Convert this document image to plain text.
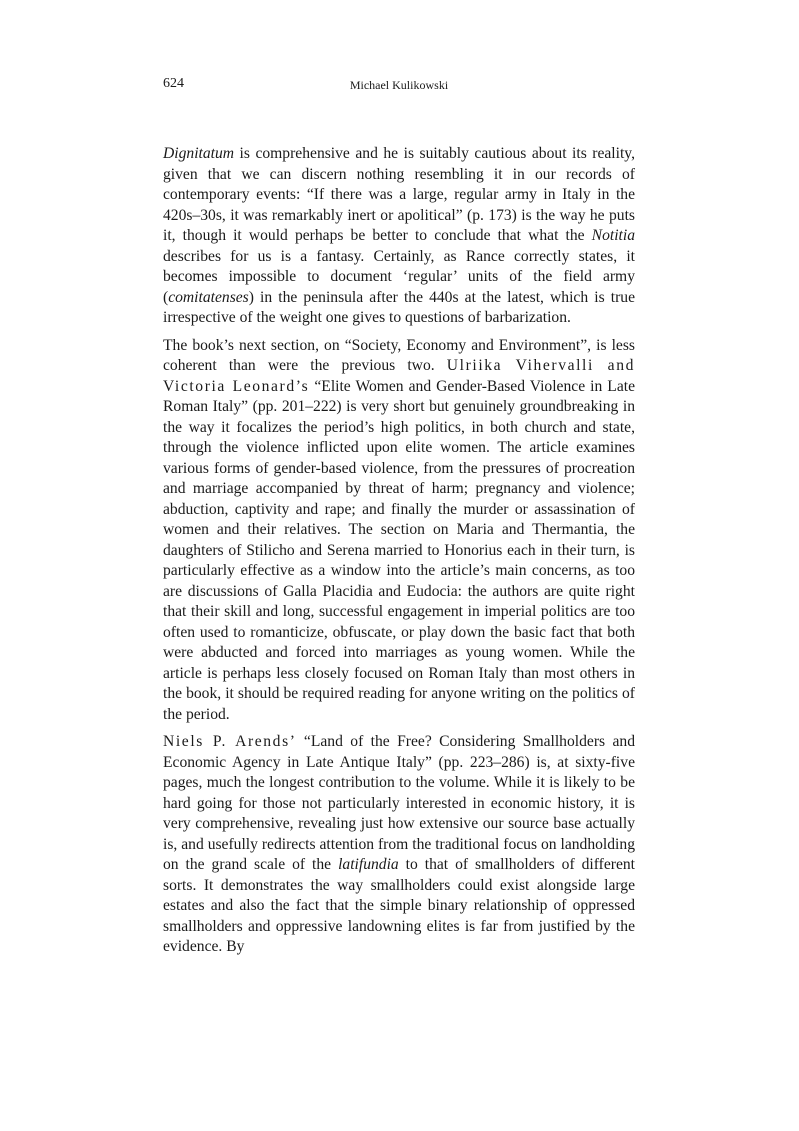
624	Michael Kulikowski

Dignitatum is comprehensive and he is suitably cautious about its reality, given that we can discern nothing resembling it in our records of contemporary events: “If there was a large, regular army in Italy in the 420s–30s, it was remarkably inert or apolitical” (p. 173) is the way he puts it, though it would perhaps be better to conclude that what the Notitia describes for us is a fantasy. Certainly, as Rance correctly states, it becomes impossible to document ‘regular’ units of the field army (comitatenses) in the peninsula after the 440s at the latest, which is true irrespective of the weight one gives to questions of barbarization.

The book’s next section, on “Society, Economy and Environment”, is less coherent than were the previous two. Ulriika Vihervalli and Victoria Leonard’s “Elite Women and Gender-Based Violence in Late Roman Italy” (pp. 201–222) is very short but genuinely groundbreaking in the way it focalizes the period’s high politics, in both church and state, through the violence inflicted upon elite women. The article examines various forms of gender-based violence, from the pressures of procreation and marriage accompanied by threat of harm; pregnancy and violence; abduction, captivity and rape; and finally the murder or assassination of women and their relatives. The section on Maria and Thermantia, the daughters of Stilicho and Serena married to Honorius each in their turn, is particularly effective as a window into the article’s main concerns, as too are discussions of Galla Placidia and Eudocia: the authors are quite right that their skill and long, successful engagement in imperial politics are too often used to romanticize, obfuscate, or play down the basic fact that both were abducted and forced into marriages as young women. While the article is perhaps less closely focused on Roman Italy than most others in the book, it should be required reading for anyone writing on the politics of the period.

Niels P. Arends’ “Land of the Free? Considering Smallholders and Economic Agency in Late Antique Italy” (pp. 223–286) is, at sixty-five pages, much the longest contribution to the volume. While it is likely to be hard going for those not particularly interested in economic history, it is very comprehensive, revealing just how extensive our source base actually is, and usefully redirects attention from the traditional focus on landholding on the grand scale of the latifundia to that of smallholders of different sorts. It demonstrates the way smallholders could exist alongside large estates and also the fact that the simple binary relationship of oppressed smallholders and oppressive landowning elites is far from justified by the evidence. By
